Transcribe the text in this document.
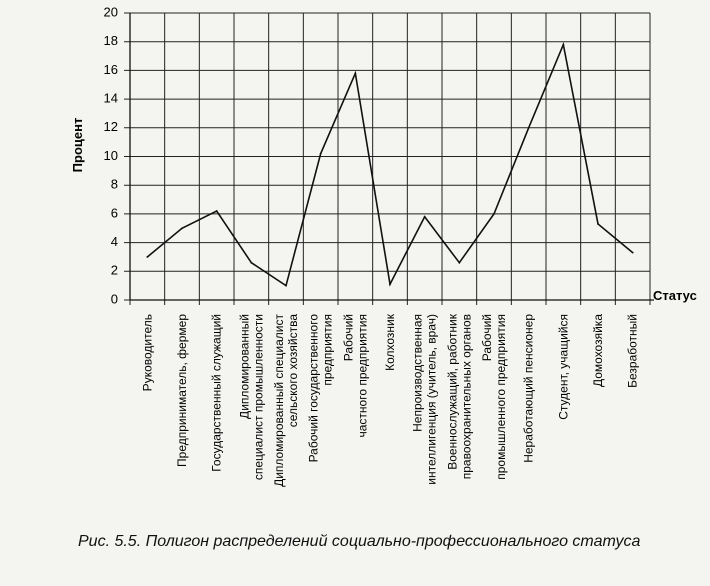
0
2
4
6
8
10
12
14
16
18
20
Руководитель Предприниматель, фермер Государственный служащий Дипломированный специалист промышленности Дипломированный специалист сельского хозяйства Рабочий государственного предприятия Рабочий частного предприятия Колхозник Непроизводственная интеллигенция (учитель, врач) Военнослужащий, работник правоохранительных органов Рабочий промышленного предприятия Неработающий пенсионер Студент, учащийся Домохозяйка Безработный
Процент
Статус
Рис. 5.5. Полигон распределений социально-профессионального статуса
